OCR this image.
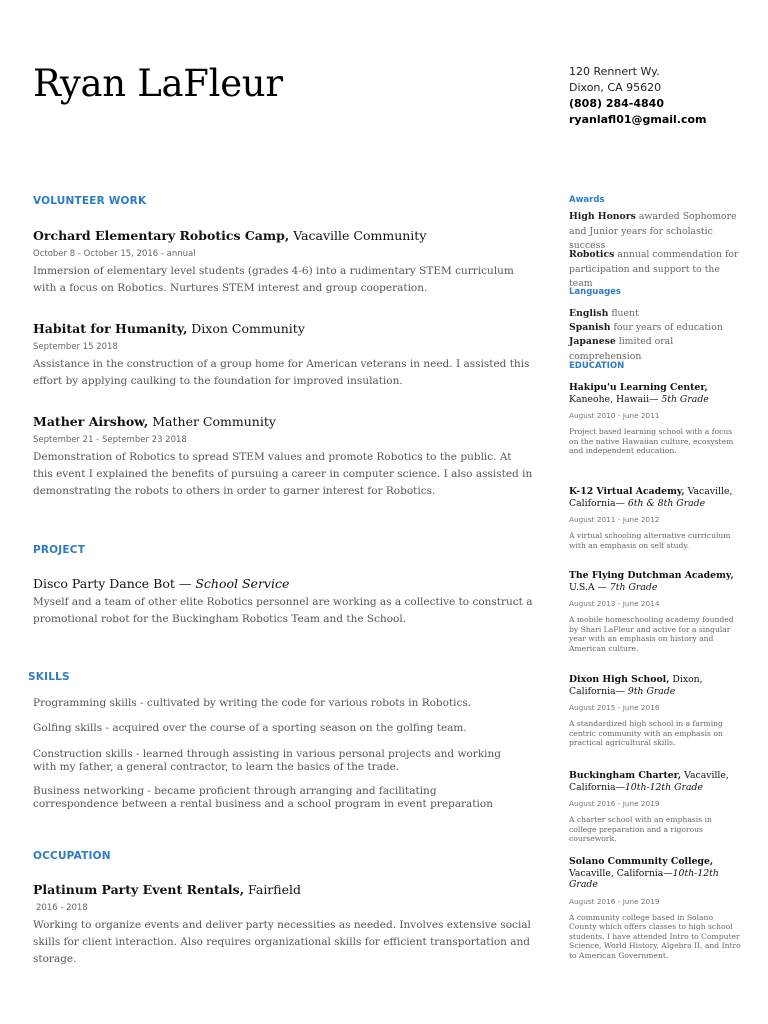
Ryan LaFleur	120 Rennert Wy.
Dixon, CA 95620
(808) 284-4840
ryanlafl01@gmail.com
VOLUNTEER WORK
Orchard Elementary Robotics Camp, Vacaville Community
October 8 - October 15, 2016 - annual
Immersion of elementary level students (grades 4-6) into a rudimentary STEM curriculum with a focus on Robotics. Nurtures STEM interest and group cooperation.
Habitat for Humanity, Dixon Community
September 15 2018
Assistance in the construction of a group home for American veterans in need. I assisted this effort by applying caulking to the foundation for improved insulation.
Mather Airshow, Mather Community
September 21 - September 23 2018
Demonstration of Robotics to spread STEM values and promote Robotics to the public. At this event I explained the benefits of pursuing a career in computer science. I also assisted in demonstrating the robots to others in order to garner interest for Robotics.
PROJECT
Disco Party Dance Bot — School Service
Myself and a team of other elite Robotics personnel are working as a collective to construct a promotional robot for the Buckingham Robotics Team and the School.
SKILLS
Programming skills - cultivated by writing the code for various robots in Robotics.
Golfing skills - acquired over the course of a sporting season on the golfing team.
Construction skills - learned through assisting in various personal projects and working with my father, a general contractor, to learn the basics of the trade.
Business networking - became proficient through arranging and facilitating correspondence between a rental business and a school program in event preparation
OCCUPATION
Platinum Party Event Rentals, Fairfield
2016 - 2018
Working to organize events and deliver party necessities as needed. Involves extensive social skills for client interaction. Also requires organizational skills for efficient transportation and storage.
Awards
High Honors awarded Sophomore and Junior years for scholastic success
Robotics annual commendation for participation and support to the team
Languages
English fluent
Spanish four years of education
Japanese limited oral comprehension
EDUCATION
Hakipu'u Learning Center, Kaneohe, Hawaii— 5th Grade
August 2010 - June 2011
Project based learning school with a focus on the native Hawaiian culture, ecosystem and independent education.
K-12 Virtual Academy, Vacaville, California— 6th & 8th Grade
August 2011 - June 2012
A virtual schooling alternative curriculum with an emphasis on self study.
The Flying Dutchman Academy, U.S.A — 7th Grade
August 2013 - June 2014
A mobile homeschooling academy founded by Shari LaFleur and active for a singular year with an emphasis on history and American culture.
Dixon High School, Dixon, California— 9th Grade
August 2015 - June 2016
A standardized high school in a farming centric community with an emphasis on practical agricultural skills.
Buckingham Charter, Vacaville, California—10th-12th Grade
August 2016 - June 2019
A charter school with an emphasis in college preparation and a rigorous coursework.
Solano Community College, Vacaville, California—10th-12th Grade
August 2016 - June 2019
A community college based in Solano County which offers classes to high school students. I have attended Intro to Computer Science, World History, Algebra II, and Intro to American Government.
